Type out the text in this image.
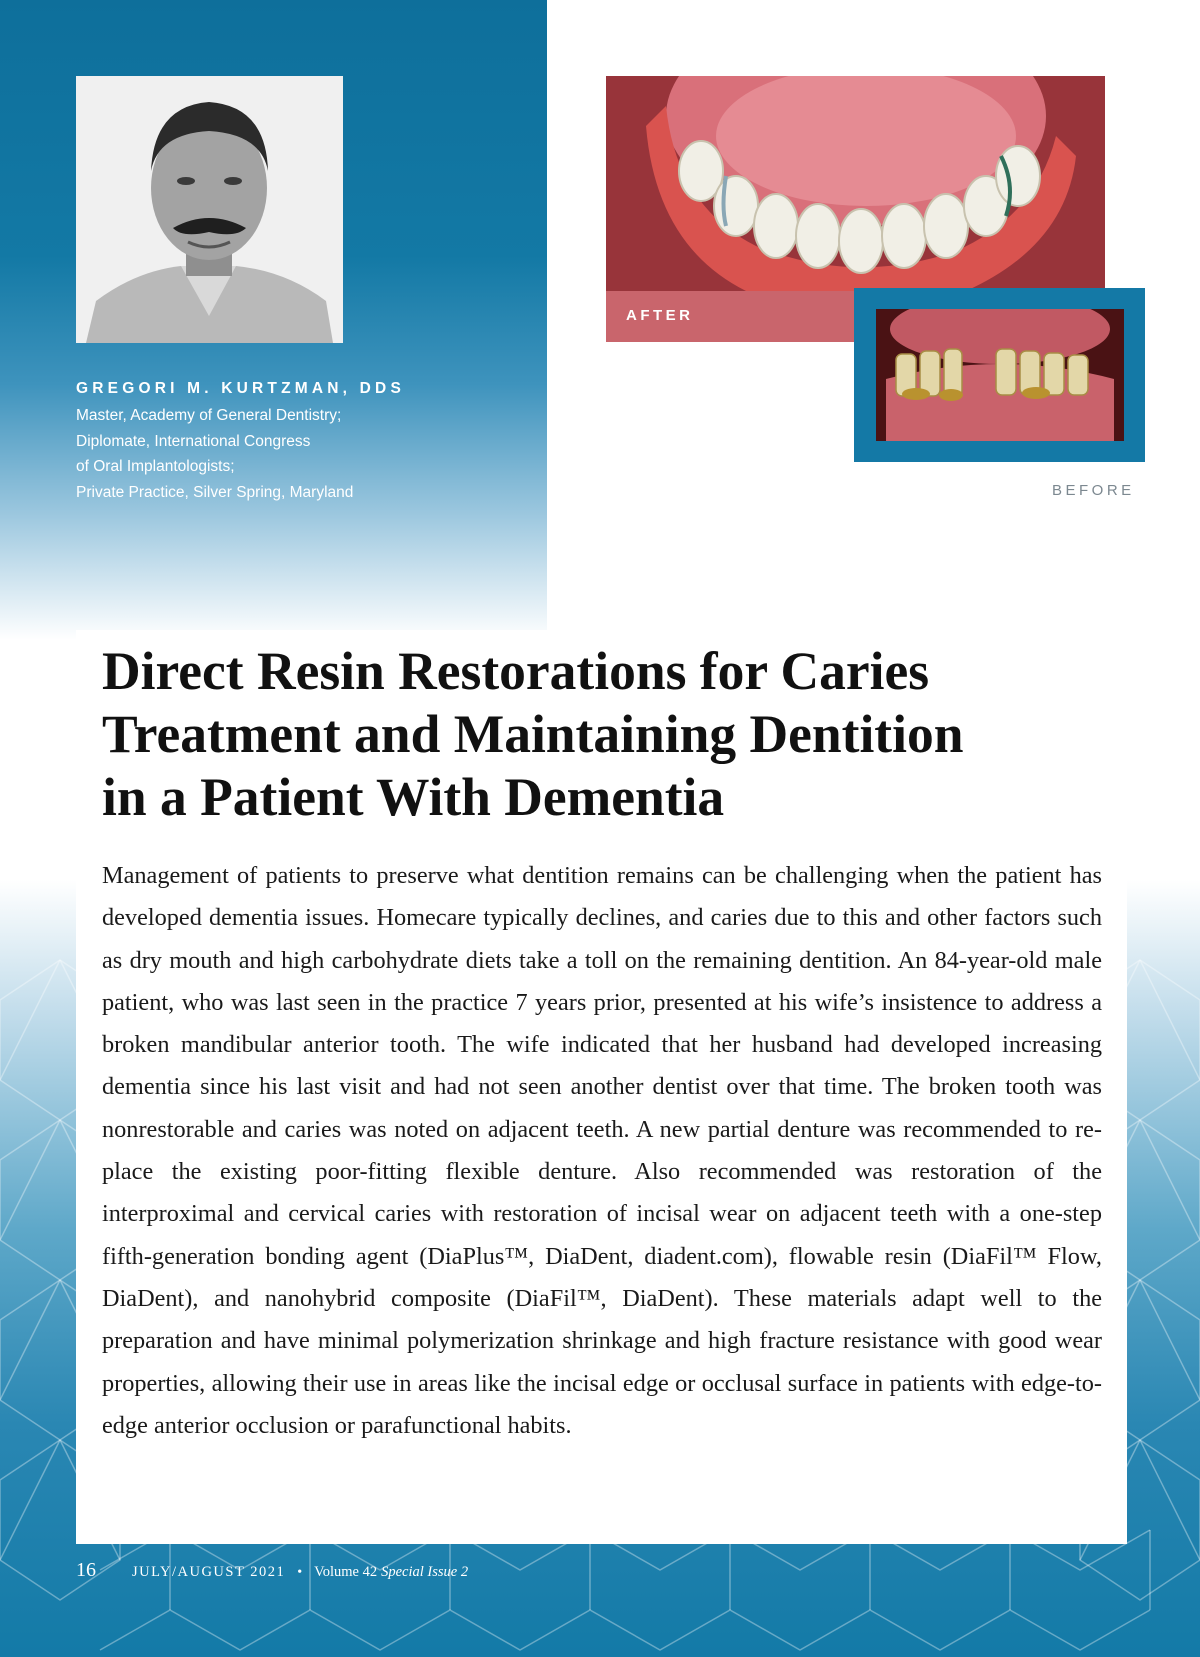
GREGORI M. KURTZMAN, DDS
Master, Academy of General Dentistry;
Diplomate, International Congress
of Oral Implantologists;
Private Practice, Silver Spring, Maryland
AFTER
BEFORE
Direct Resin Restorations for Caries
Treatment and Maintaining Dentition
in a Patient With Dementia

Management of patients to preserve what dentition remains can be challenging when the patient has developed dementia issues. Homecare typically declines, and caries due to this and other factors such as dry mouth and high carbohydrate diets take a toll on the remaining dentition. An 84-year-old male patient, who was last seen in the practice 7 years prior, presented at his wife’s insistence to address a broken mandibular anterior tooth. The wife indicated that her husband had developed increasing dementia since his last visit and had not seen another dentist over that time. The broken tooth was nonrestorable and caries was noted on adjacent teeth. A new partial denture was recommended to re-place the existing poor-fitting flexible denture. Also recommended was restoration of the interproximal and cervical caries with restoration of incisal wear on adjacent teeth with a one-step fifth-generation bonding agent (DiaPlus™, DiaDent, diadent.com), flowable resin (DiaFil™ Flow, DiaDent), and nanohybrid composite (DiaFil™, DiaDent). These materials adapt well to the preparation and have minimal polymerization shrinkage and high fracture resistance with good wear properties, allowing their use in areas like the incisal edge or occlusal surface in patients with edge-to-edge anterior occlusion or parafunctional habits.

16 JULY/AUGUST 2021 • Volume 42 Special Issue 2
